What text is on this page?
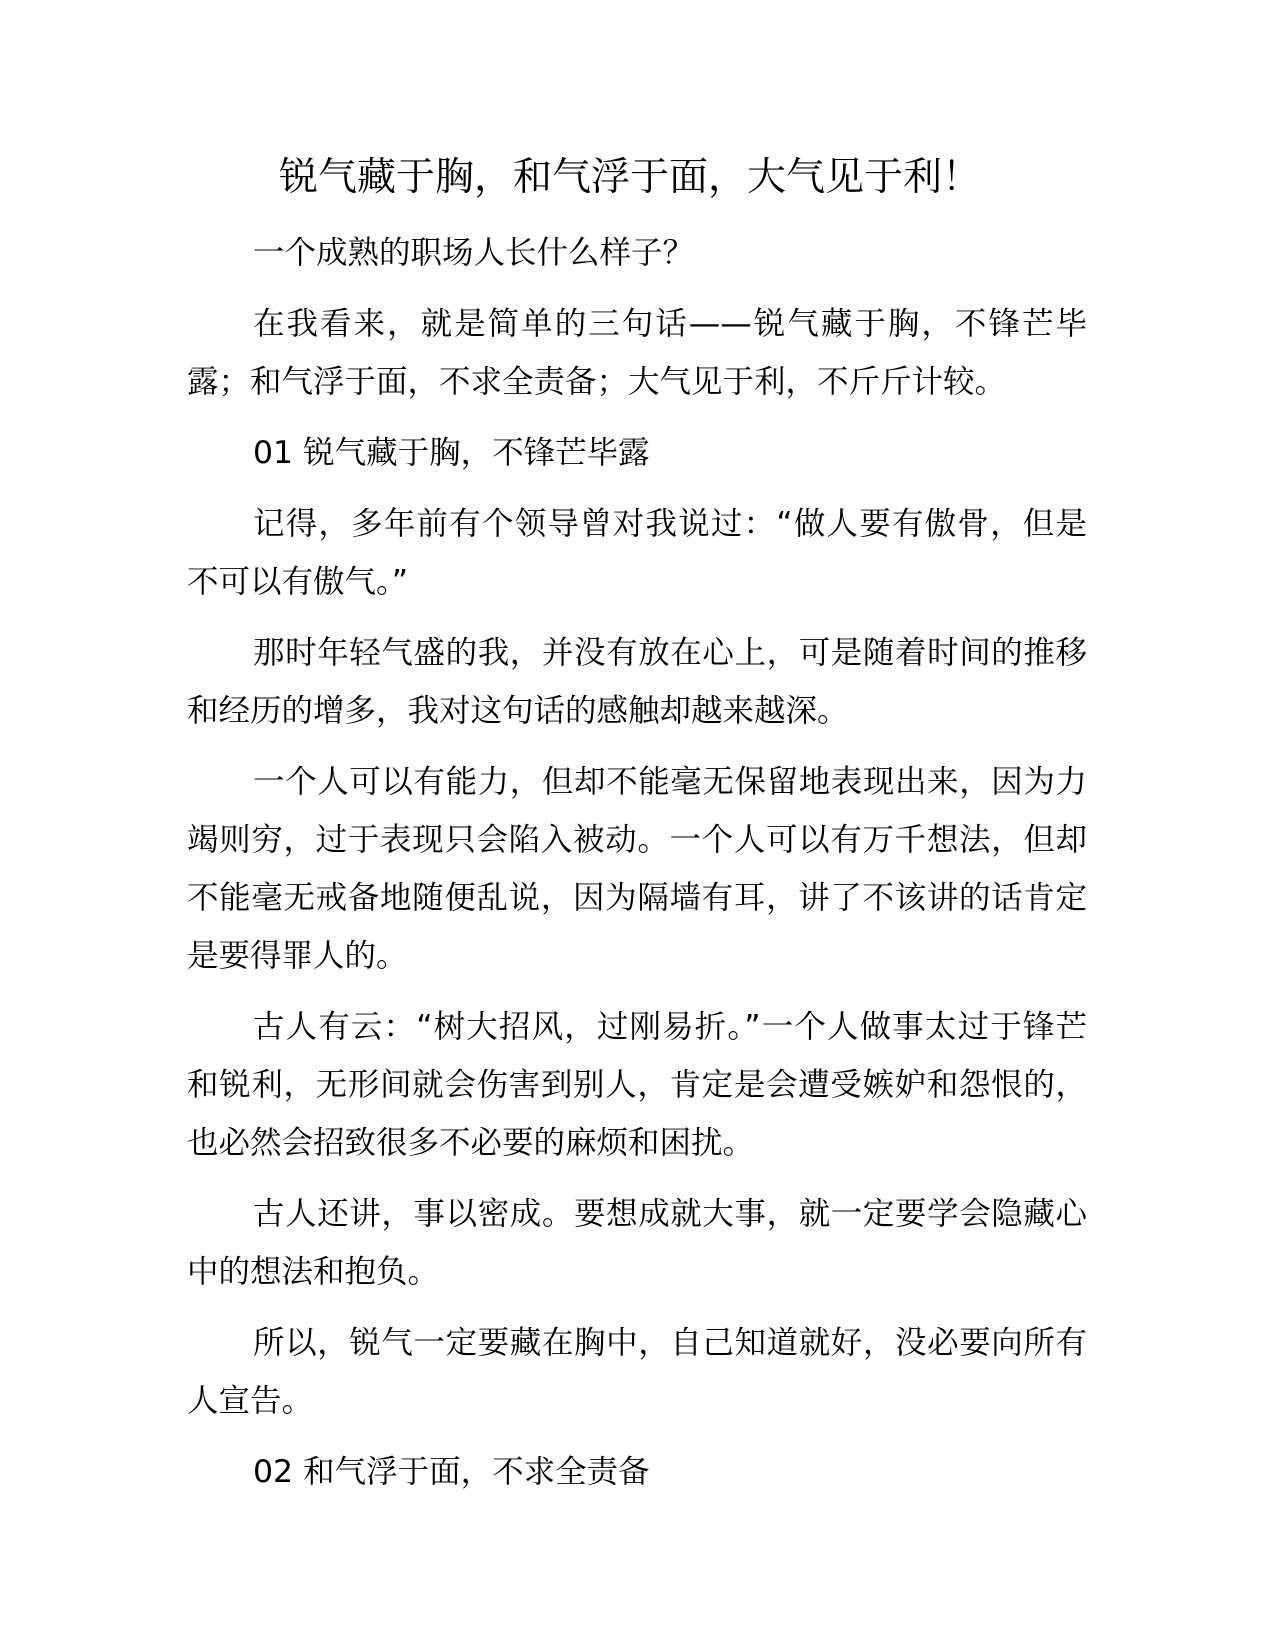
锐气藏于胸，和气浮于面，大气见于利！

一个成熟的职场人长什么样子？

在我看来，就是简单的三句话——锐气藏于胸，不锋芒毕露；和气浮于面，不求全责备；大气见于利，不斤斤计较。

01 锐气藏于胸，不锋芒毕露

记得，多年前有个领导曾对我说过：“做人要有傲骨，但是不可以有傲气。”

那时年轻气盛的我，并没有放在心上，可是随着时间的推移和经历的增多，我对这句话的感触却越来越深。

一个人可以有能力，但却不能毫无保留地表现出来，因为力竭则穷，过于表现只会陷入被动。一个人可以有万千想法，但却不能毫无戒备地随便乱说，因为隔墙有耳，讲了不该讲的话肯定是要得罪人的。

古人有云：“树大招风，过刚易折。”一个人做事太过于锋芒和锐利，无形间就会伤害到别人，肯定是会遭受嫉妒和怨恨的，也必然会招致很多不必要的麻烦和困扰。

古人还讲，事以密成。要想成就大事，就一定要学会隐藏心中的想法和抱负。

所以，锐气一定要藏在胸中，自己知道就好，没必要向所有人宣告。

02 和气浮于面，不求全责备
